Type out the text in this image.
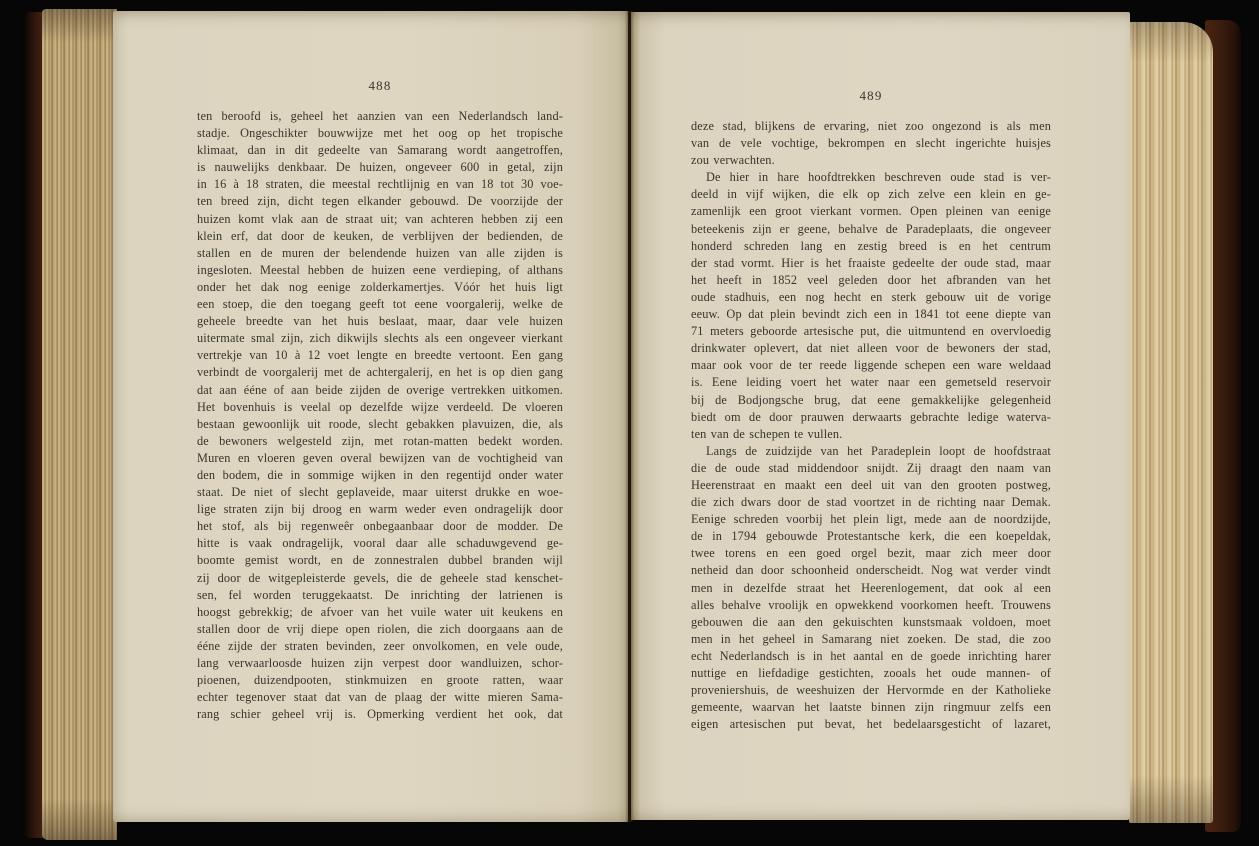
488
ten beroofd is, geheel het aanzien van een Nederlandsch land-
stadje. Ongeschikter bouwwijze met het oog op het tropische
klimaat, dan in dit gedeelte van Samarang wordt aangetroffen,
is nauwelijks denkbaar. De huizen, ongeveer 600 in getal, zijn
in 16 à 18 straten, die meestal rechtlijnig en van 18 tot 30 voe-
ten breed zijn, dicht tegen elkander gebouwd. De voorzijde der
huizen komt vlak aan de straat uit; van achteren hebben zij een
klein erf, dat door de keuken, de verblijven der bedienden, de
stallen en de muren der belendende huizen van alle zijden is
ingesloten. Meestal hebben de huizen eene verdieping, of althans
onder het dak nog eenige zolderkamertjes. Vóór het huis ligt
een stoep, die den toegang geeft tot eene voorgalerij, welke de
geheele breedte van het huis beslaat, maar, daar vele huizen
uitermate smal zijn, zich dikwijls slechts als een ongeveer vierkant
vertrekje van 10 à 12 voet lengte en breedte vertoont. Een gang
verbindt de voorgalerij met de achtergalerij, en het is op dien gang
dat aan ééne of aan beide zijden de overige vertrekken uitkomen.
Het bovenhuis is veelal op dezelfde wijze verdeeld. De vloeren
bestaan gewoonlijk uit roode, slecht gebakken plavuizen, die, als
de bewoners welgesteld zijn, met rotan-matten bedekt worden.
Muren en vloeren geven overal bewijzen van de vochtigheid van
den bodem, die in sommige wijken in den regentijd onder water
staat. De niet of slecht geplaveide, maar uiterst drukke en woe-
lige straten zijn bij droog en warm weder even ondragelijk door
het stof, als bij regenweêr onbegaanbaar door de modder. De
hitte is vaak ondragelijk, vooral daar alle schaduwgevend ge-
boomte gemist wordt, en de zonnestralen dubbel branden wijl
zij door de witgepleisterde gevels, die de geheele stad kenschet-
sen, fel worden teruggekaatst. De inrichting der latrienen is
hoogst gebrekkig; de afvoer van het vuile water uit keukens en
stallen door de vrij diepe open riolen, die zich doorgaans aan de
ééne zijde der straten bevinden, zeer onvolkomen, en vele oude,
lang verwaarloosde huizen zijn verpest door wandluizen, schor-
pioenen, duizendpooten, stinkmuizen en groote ratten, waar
echter tegenover staat dat van de plaag der witte mieren Sama-
rang schier geheel vrij is. Opmerking verdient het ook, dat
489
deze stad, blijkens de ervaring, niet zoo ongezond is als men
van de vele vochtige, bekrompen en slecht ingerichte huisjes
zou verwachten.
De hier in hare hoofdtrekken beschreven oude stad is ver-
deeld in vijf wijken, die elk op zich zelve een klein en ge-
zamenlijk een groot vierkant vormen. Open pleinen van eenige
beteekenis zijn er geene, behalve de Paradeplaats, die ongeveer
honderd schreden lang en zestig breed is en het centrum
der stad vormt. Hier is het fraaiste gedeelte der oude stad, maar
het heeft in 1852 veel geleden door het afbranden van het
oude stadhuis, een nog hecht en sterk gebouw uit de vorige
eeuw. Op dat plein bevindt zich een in 1841 tot eene diepte van
71 meters geboorde artesische put, die uitmuntend en overvloedig
drinkwater oplevert, dat niet alleen voor de bewoners der stad,
maar ook voor de ter reede liggende schepen een ware weldaad
is. Eene leiding voert het water naar een gemetseld reservoir
bij de Bodjongsche brug, dat eene gemakkelijke gelegenheid
biedt om de door prauwen derwaarts gebrachte ledige waterva-
ten van de schepen te vullen.
Langs de zuidzijde van het Paradeplein loopt de hoofdstraat
die de oude stad middendoor snijdt. Zij draagt den naam van
Heerenstraat en maakt een deel uit van den grooten postweg,
die zich dwars door de stad voortzet in de richting naar Demak.
Eenige schreden voorbij het plein ligt, mede aan de noordzijde,
de in 1794 gebouwde Protestantsche kerk, die een koepeldak,
twee torens en een goed orgel bezit, maar zich meer door
netheid dan door schoonheid onderscheidt. Nog wat verder vindt
men in dezelfde straat het Heerenlogement, dat ook al een
alles behalve vroolijk en opwekkend voorkomen heeft. Trouwens
gebouwen die aan den gekuischten kunstsmaak voldoen, moet
men in het geheel in Samarang niet zoeken. De stad, die zoo
echt Nederlandsch is in het aantal en de goede inrichting harer
nuttige en liefdadige gestichten, zooals het oude mannen- of
proveniershuis, de weeshuizen der Hervormde en der Katholieke
gemeente, waarvan het laatste binnen zijn ringmuur zelfs een
eigen artesischen put bevat, het bedelaarsgesticht of lazaret,
